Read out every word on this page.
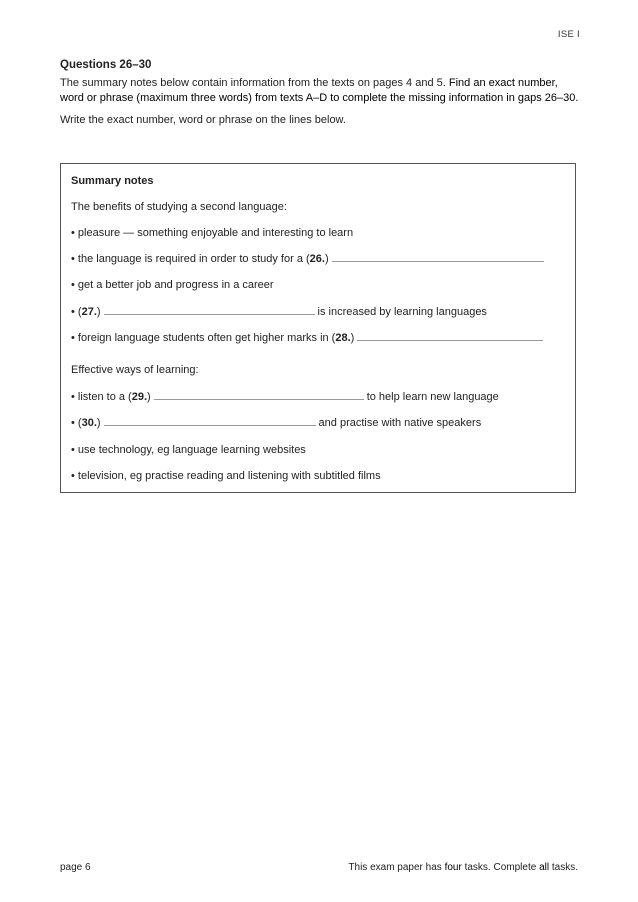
ISE I

Questions 26–30

The summary notes below contain information from the texts on pages 4 and 5. Find an exact number, word or phrase (maximum three words) from texts A–D to complete the missing information in gaps 26–30.

Write the exact number, word or phrase on the lines below.

Summary notes
The benefits of studying a second language:
• pleasure — something enjoyable and interesting to learn
• the language is required in order to study for a (26.)
• get a better job and progress in a career
• (27.)	is increased by learning languages
• foreign language students often get higher marks in (28.)
Effective ways of learning:
• listen to a (29.)	to help learn new language
• (30.)	and practise with native speakers
• use technology, eg language learning websites
• television, eg practise reading and listening with subtitled films
page 6	This exam paper has four tasks. Complete all tasks.
